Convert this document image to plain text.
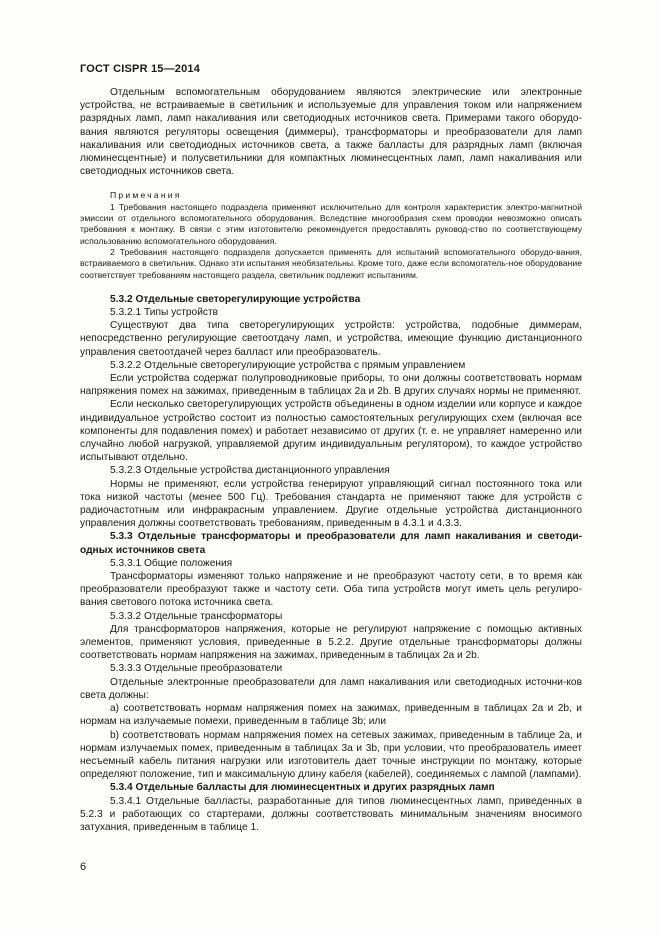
ГОСТ CISPR 15—2014

Отдельным вспомогательным оборудованием являются электрические или электронные устройства, не встраиваемые в светильник и используемые для управления током или напряжением разрядных ламп, ламп накаливания или светодиодных источников света. Примерами такого оборудо-вания являются регуляторы освещения (диммеры), трансформаторы и преобразователи для ламп накаливания или светодиодных источников света, а также балласты для разрядных ламп (включая люминесцентные) и полусветильники для компактных люминесцентных ламп, ламп накаливания или светодиодных источников света.

Примечания

1 Требования настоящего подраздела применяют исключительно для контроля характеристик электро-магнитной эмиссии от отдельного вспомогательного оборудования. Вследствие многообразия схем проводки невозможно описать требования к монтажу. В связи с этим изготовителю рекомендуется предоставлять руковод-ство по соответствующему использованию вспомогательного оборудования.

2 Требования настоящего подраздела допускается применять для испытаний вспомогательного оборудо-вания, встраиваемого в светильник. Однако эти испытания необязательны. Кроме того, даже если вспомогатель-ное оборудование соответствует требованиям настоящего раздела, светильник подлежит испытаниям.

5.3.2 Отдельные светорегулирующие устройства

5.3.2.1 Типы устройств

Существуют два типа светорегулирующих устройств: устройства, подобные диммерам, непосредственно регулирующие светоотдачу ламп, и устройства, имеющие функцию дистанционного управления светоотдачей через балласт или преобразователь.

5.3.2.2 Отдельные светорегулирующие устройства с прямым управлением

Если устройства содержат полупроводниковые приборы, то они должны соответствовать нормам напряжения помех на зажимах, приведенным в таблицах 2а и 2b. В других случаях нормы не применяют.

Если несколько светорегулирующих устройств объединены в одном изделии или корпусе и каждое индивидуальное устройство состоит из полностью самостоятельных регулирующих схем (включая все компоненты для подавления помех) и работает независимо от других (т. е. не управляет намеренно или случайно любой нагрузкой, управляемой другим индивидуальным регулятором), то каждое устройство испытывают отдельно.

5.3.2.3 Отдельные устройства дистанционного управления

Нормы не применяют, если устройства генерируют управляющий сигнал постоянного тока или тока низкой частоты (менее 500 Гц). Требования стандарта не применяют также для устройств с радиочастотным или инфракрасным управлением. Другие отдельные устройства дистанционного управления должны соответствовать требованиям, приведенным в 4.3.1 и 4.3.3.

5.3.3 Отдельные трансформаторы и преобразователи для ламп накаливания и светоди-одных источников света

5.3.3.1 Общие положения

Трансформаторы изменяют только напряжение и не преобразуют частоту сети, в то время как преобразователи преобразуют также и частоту сети. Оба типа устройств могут иметь цель регулиро-вания светового потока источника света.

5.3.3.2 Отдельные трансформаторы

Для трансформаторов напряжения, которые не регулируют напряжение с помощью активных элементов, применяют условия, приведенные в 5.2.2. Другие отдельные трансформаторы должны соответствовать нормам напряжения на зажимах, приведенным в таблицах 2а и 2b.

5.3.3.3 Отдельные преобразователи

Отдельные электронные преобразователи для ламп накаливания или светодиодных источни-ков света должны:

a) соответствовать нормам напряжения помех на зажимах, приведенным в таблицах 2а и 2b, и нормам на излучаемые помехи, приведенным в таблице 3b; или

b) соответствовать нормам напряжения помех на сетевых зажимах, приведенным в таблице 2а, и нормам излучаемых помех, приведенным в таблицах 3а и 3b, при условии, что преобразователь имеет несъемный кабель питания нагрузки или изготовитель дает точные инструкции по монтажу, которые определяют положение, тип и максимальную длину кабеля (кабелей), соединяемых с лампой (лампами).

5.3.4 Отдельные балласты для люминесцентных и других разрядных ламп

5.3.4.1 Отдельные балласты, разработанные для типов люминесцентных ламп, приведенных в 5.2.3 и работающих со стартерами, должны соответствовать минимальным значениям вносимого затухания, приведенным в таблице 1.

6
